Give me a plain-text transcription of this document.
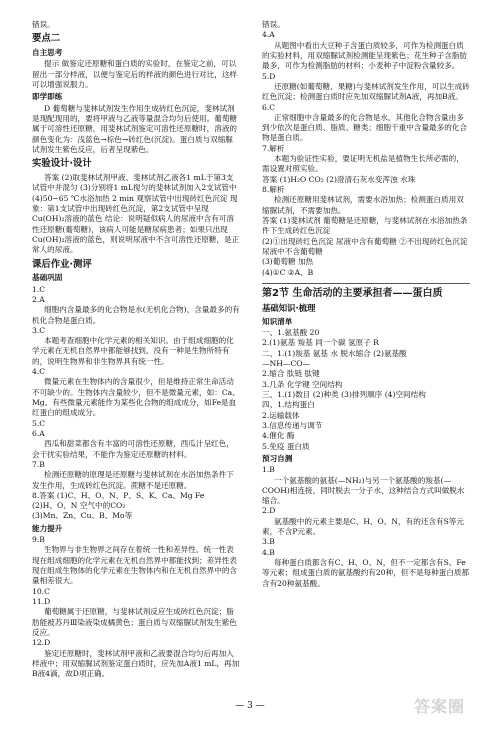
错误。

要点二
自主思考

提示 做鉴定还原糖和蛋白质的实验时，在鉴定之前，可以留出一部分样液，以便与鉴定后的样液的颜色进行对比，这样可以增强说服力。

即学即练

D 葡萄糖与斐林试剂发生作用生成砖红色沉淀，斐林试剂是现配现用的，要将甲液与乙液等量混合均匀后使用。葡萄糖属于可溶性还原糖，用斐林试剂鉴定可溶性还原糖时，溶液的颜色变化为：浅蓝色→棕色→砖红色(沉淀)。蛋白质与双缩脲试剂发生紫色反应，后者呈现紫色。

实验设计·设计

答案 (2)取斐林试剂甲液、斐林试剂乙液各1 mL于第3支试管中并混匀 (3)分别将1 mL搅匀的斐林试剂加入2支试管中 (4)50~65 ℃水浴加热 2 min 观察试管中出现砖红色沉淀 现象：第1支试管中出现砖红色沉淀，第2支试管中呈现Cu(OH)₂溶液的蓝色 结论：说明疑似病人的尿液中含有可溶性还原糖(葡萄糖)，该病人可能是糖尿病患者；如果只出现Cu(OH)₂溶液的蓝色，则说明尿液中不含可溶性还原糖，是正常人的尿液。

课后作业·测评
基础巩固

1.C

2.A

细胞内含量最多的化合物是水(无机化合物)，含量最多的有机化合物是蛋白质。

3.C

本题考查细胞中化学元素的相关知识。由于组成细胞的化学元素在无机自然界中都能够找到，没有一种是生物所特有的，说明生物界和非生物界具有统一性。

4.C

微量元素在生物体内的含量很少，但是维持正常生命活动不可缺少的。生物体内含量较少，但不是微量元素，如：Ca、Mg。有些微量元素能作为某些化合物的组成成分，如Fe是血红蛋白的组成成分。

5.C

6.A

西瓜和甜菜都含有丰富的可溶性还原糖，西瓜汁呈红色，会干扰实验结果，不能作为鉴定还原糖的材料。

7.B

检测还原糖的原理是还原糖与斐林试剂在水浴加热条件下发生作用，生成砖红色沉淀。蔗糖不是还原糖。

8.答案 (1)C、H、O、N、P、S、K、Ca、Mg Fe

(2)H、O、N 空气中的CO₂

(3)Mn、Zn、Cu、B、Mo等

能力提升

9.B

生物界与非生物界之间存在着统一性和差异性。统一性表现在组成细胞的化学元素在无机自然界中都能找到；差异性表现在组成生物体的化学元素在生物体内和在无机自然界中的含量相差很大。

10.C

11.D

葡萄糖属于还原糖，与斐林试剂反应生成砖红色沉淀；脂肪能被苏丹Ⅲ染液染成橘黄色；蛋白质与双缩脲试剂发生紫色反应。

12.D

鉴定还原糖时，斐林试剂甲液和乙液要混合均匀后再加入样液中；用双缩脲试剂鉴定蛋白质时，应先加A液1 mL，再加B液4滴，故D项正确。

错误。

4.A

从题图中看出大豆种子含蛋白质较多，可作为检测蛋白质的实验材料，用双缩脲试剂检测能呈现紫色；花生种子含脂肪最多，可作为检测脂肪的材料；小麦种子中淀粉含量较多。

5.D

还原糖(如葡萄糖、果糖)与斐林试剂发生作用，可以生成砖红色沉淀；检测蛋白质时应先加双缩脲试剂A液，再加B液。

6.C

正常细胞中含量最多的化合物是水，其他化合物含量由多到少依次是蛋白质、脂质、糖类；细胞干重中含量最多的化合物是蛋白质。

7.解析

本题为验证性实验，要证明无机盐是植物生长所必需的，需设置对照实验。

答案 (1)H₂O CO₂ (2)澄清石灰水变浑浊 水珠

8.解析

检测还原糖用斐林试剂，需要水浴加热；检测蛋白质用双缩脲试剂，不需要加热。

答案 (1)斐林试剂 葡萄糖是还原糖，与斐林试剂在水浴加热条件下生成砖红色沉淀

(2)①出现砖红色沉淀 尿液中含有葡萄糖 ②不出现砖红色沉淀 尿液中不含葡萄糖

(3)葡萄糖 加热

(4)①C ②A、B

第2节 生命活动的主要承担者——蛋白质
基础知识·梳理
知识清单

一、1.氨基酸 20

2.(1)氨基 羧基 同一个碳 氢原子 R

二、1.(1)羧基 氨基 水 脱水缩合 (2)氨基酸

—NH—CO—

2.缩合 肽链 肽键

3.几条 化学键 空间结构

三、1.(1)数目 (2)种类 (3)排列顺序 (4)空间结构

四、1.结构蛋白

2.运输载体

3.信息传递与调节

4.催化 酶

5.免疫 蛋白质

预习自测

1.B

一个氨基酸的氨基(—NH₂)与另一个氨基酸的羧基(—COOH)相连接，同时脱去一分子水，这种结合方式叫做脱水缩合。

2.D

氨基酸中的元素主要是C、H、O、N，有的还含有S等元素，不含P元素。

3.B

4.B

每种蛋白质都含有C、H、O、N，但不一定都含有S、Fe等元素；组成蛋白质的氨基酸约有20种，但不是每种蛋白质都含有20种氨基酸。

— 3 —	答案圈
